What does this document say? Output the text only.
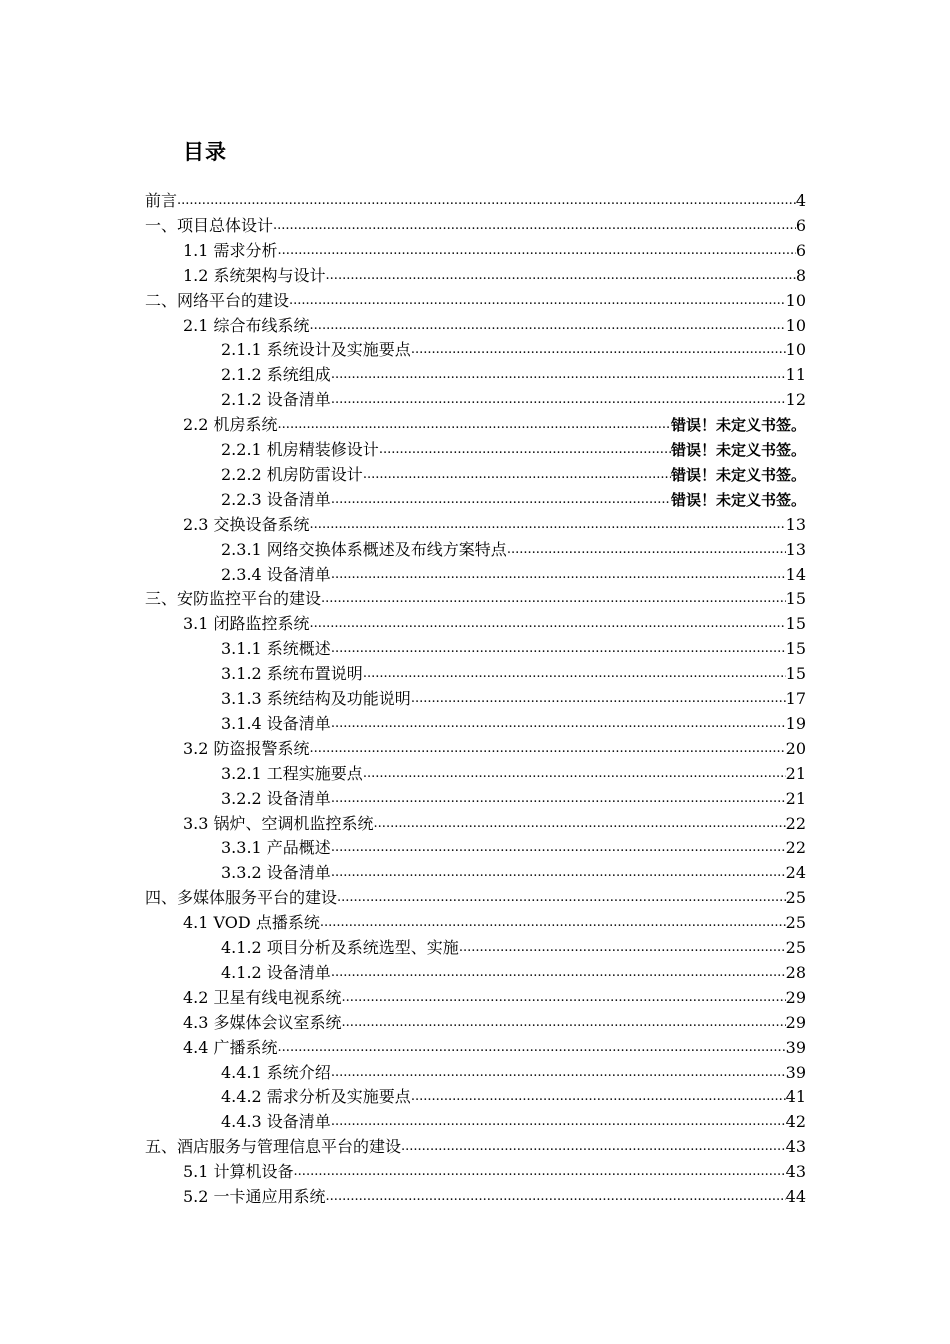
目录
前言 .....	4
一、项目总体设计 .....	6
1.1 需求分析 .....	6
1.2 系统架构与设计 .....	8
二、网络平台的建设 .....	10
2.1 综合布线系统 .....	10
2.1.1 系统设计及实施要点 .....	10
2.1.2 系统组成 .....	11
2.1.2 设备清单 .....	12
2.2 机房系统 .....	错误！未定义书签。
2.2.1 机房精装修设计 .....	错误！未定义书签。
2.2.2 机房防雷设计 .....	错误！未定义书签。
2.2.3 设备清单 .....	错误！未定义书签。
2.3 交换设备系统 .....	13
2.3.1 网络交换体系概述及布线方案特点 .....	13
2.3.4 设备清单 .....	14
三、安防监控平台的建设 .....	15
3.1 闭路监控系统 .....	15
3.1.1 系统概述 .....	15
3.1.2 系统布置说明 .....	15
3.1.3 系统结构及功能说明 .....	17
3.1.4 设备清单 .....	19
3.2 防盗报警系统 .....	20
3.2.1 工程实施要点 .....	21
3.2.2 设备清单 .....	21
3.3 锅炉、空调机监控系统 .....	22
3.3.1 产品概述 .....	22
3.3.2 设备清单 .....	24
四、多媒体服务平台的建设 .....	25
4.1 VOD 点播系统 .....	25
4.1.2 项目分析及系统选型、实施 .....	25
4.1.2 设备清单 .....	28
4.2 卫星有线电视系统 .....	29
4.3 多媒体会议室系统 .....	29
4.4 广播系统 .....	39
4.4.1 系统介绍 .....	39
4.4.2 需求分析及实施要点 .....	41
4.4.3 设备清单 .....	42
五、酒店服务与管理信息平台的建设 .....	43
5.1 计算机设备 .....	43
5.2 一卡通应用系统 .....	44
